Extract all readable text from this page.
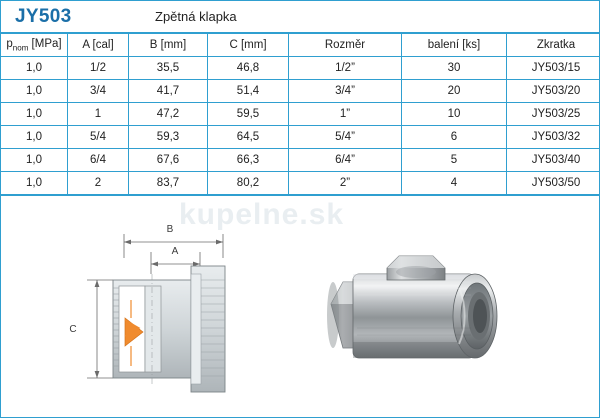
JY503	Zpětná klapka
$p_{nom}$ [MPa]	A [cal]	B [mm]	C [mm]	Rozměr	balení [ks]	Zkratka
1,0	1/2	35,5	46,8	1/2”	30	JY503/15
1,0	3/4	41,7	51,4	3/4”	20	JY503/20
1,0	1	47,2	59,5	1”	10	JY503/25
1,0	5/4	59,3	64,5	5/4”	6	JY503/32
1,0	6/4	67,6	66,3	6/4”	5	JY503/40
1,0	2	83,7	80,2	2”	4	JY503/50
kupelne.sk
B
A
C
